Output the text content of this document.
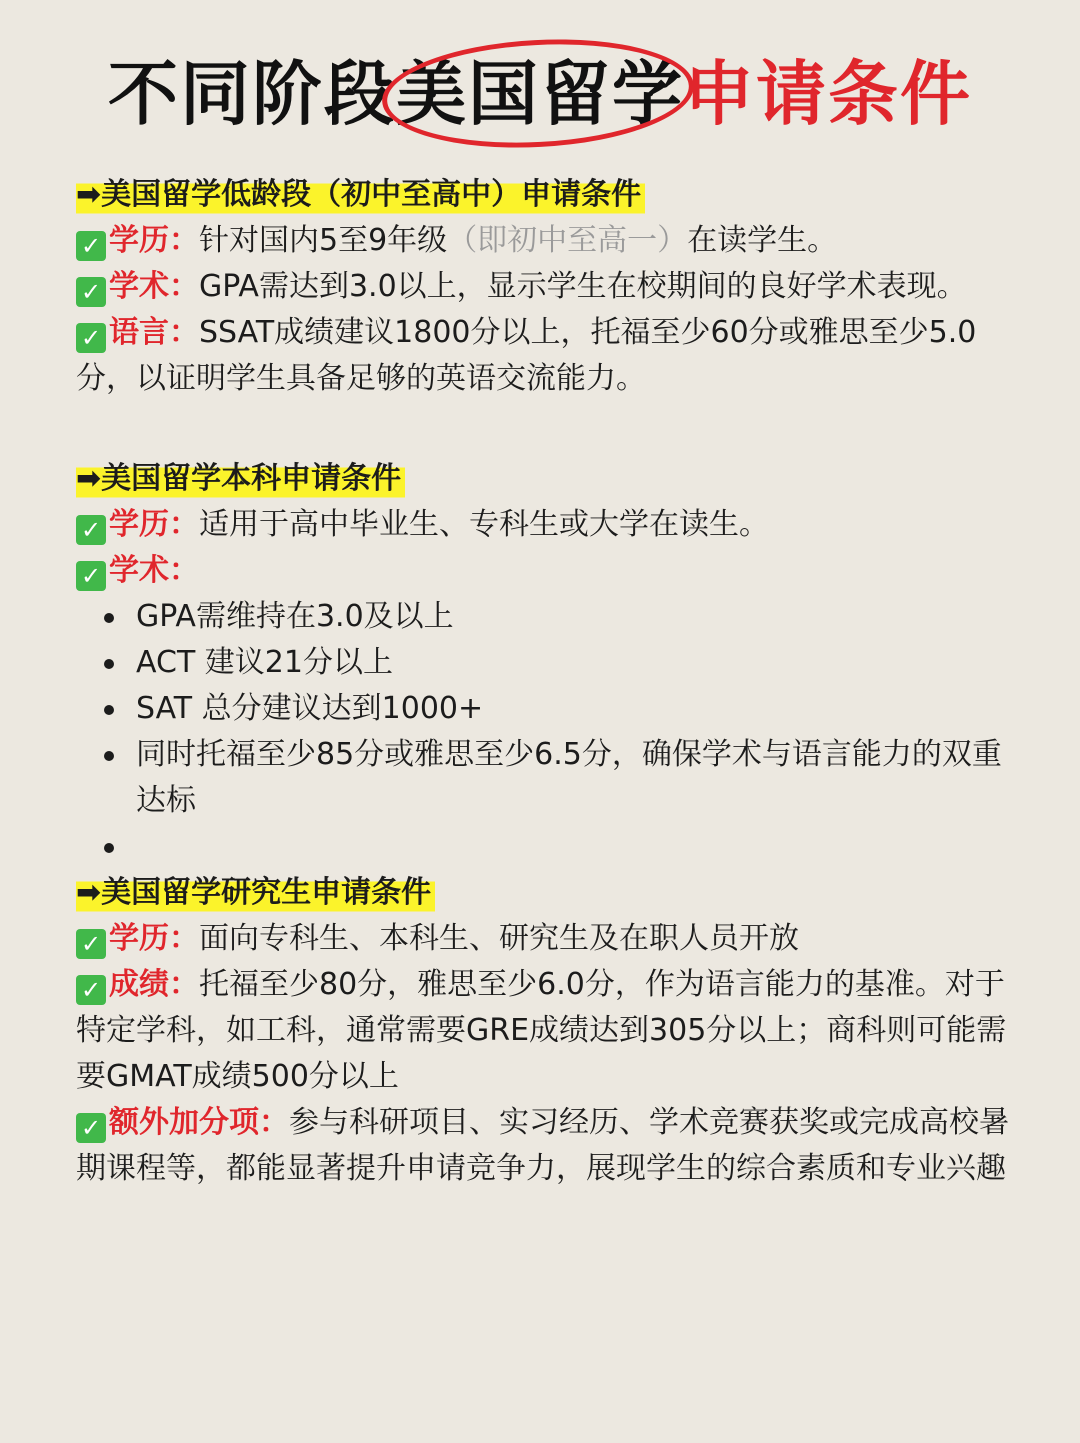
不同阶段美国留学申请条件
➡美国留学低龄段（初中至高中）申请条件
✓ 学历：针对国内5至9年级（即初中至高一）在读学生。
✓ 学术：GPA需达到3.0以上，显示学生在校期间的良好学术表现。
✓ 语言：SSAT成绩建议1800分以上，托福至少60分或雅思至少5.0分，以证明学生具备足够的英语交流能力。
➡美国留学本科申请条件
✓ 学历：适用于高中毕业生、专科生或大学在读生。
✓ 学术：
GPA需维持在3.0及以上
ACT 建议21分以上
SAT 总分建议达到1000+
同时托福至少85分或雅思至少6.5分，确保学术与语言能力的双重达标
➡美国留学研究生申请条件
✓ 学历：面向专科生、本科生、研究生及在职人员开放
✓ 成绩：托福至少80分，雅思至少6.0分，作为语言能力的基准。对于特定学科，如工科，通常需要GRE成绩达到305分以上；商科则可能需要GMAT成绩500分以上
✓ 额外加分项：参与科研项目、实习经历、学术竞赛获奖或完成高校暑期课程等，都能显著提升申请竞争力，展现学生的综合素质和专业兴趣
